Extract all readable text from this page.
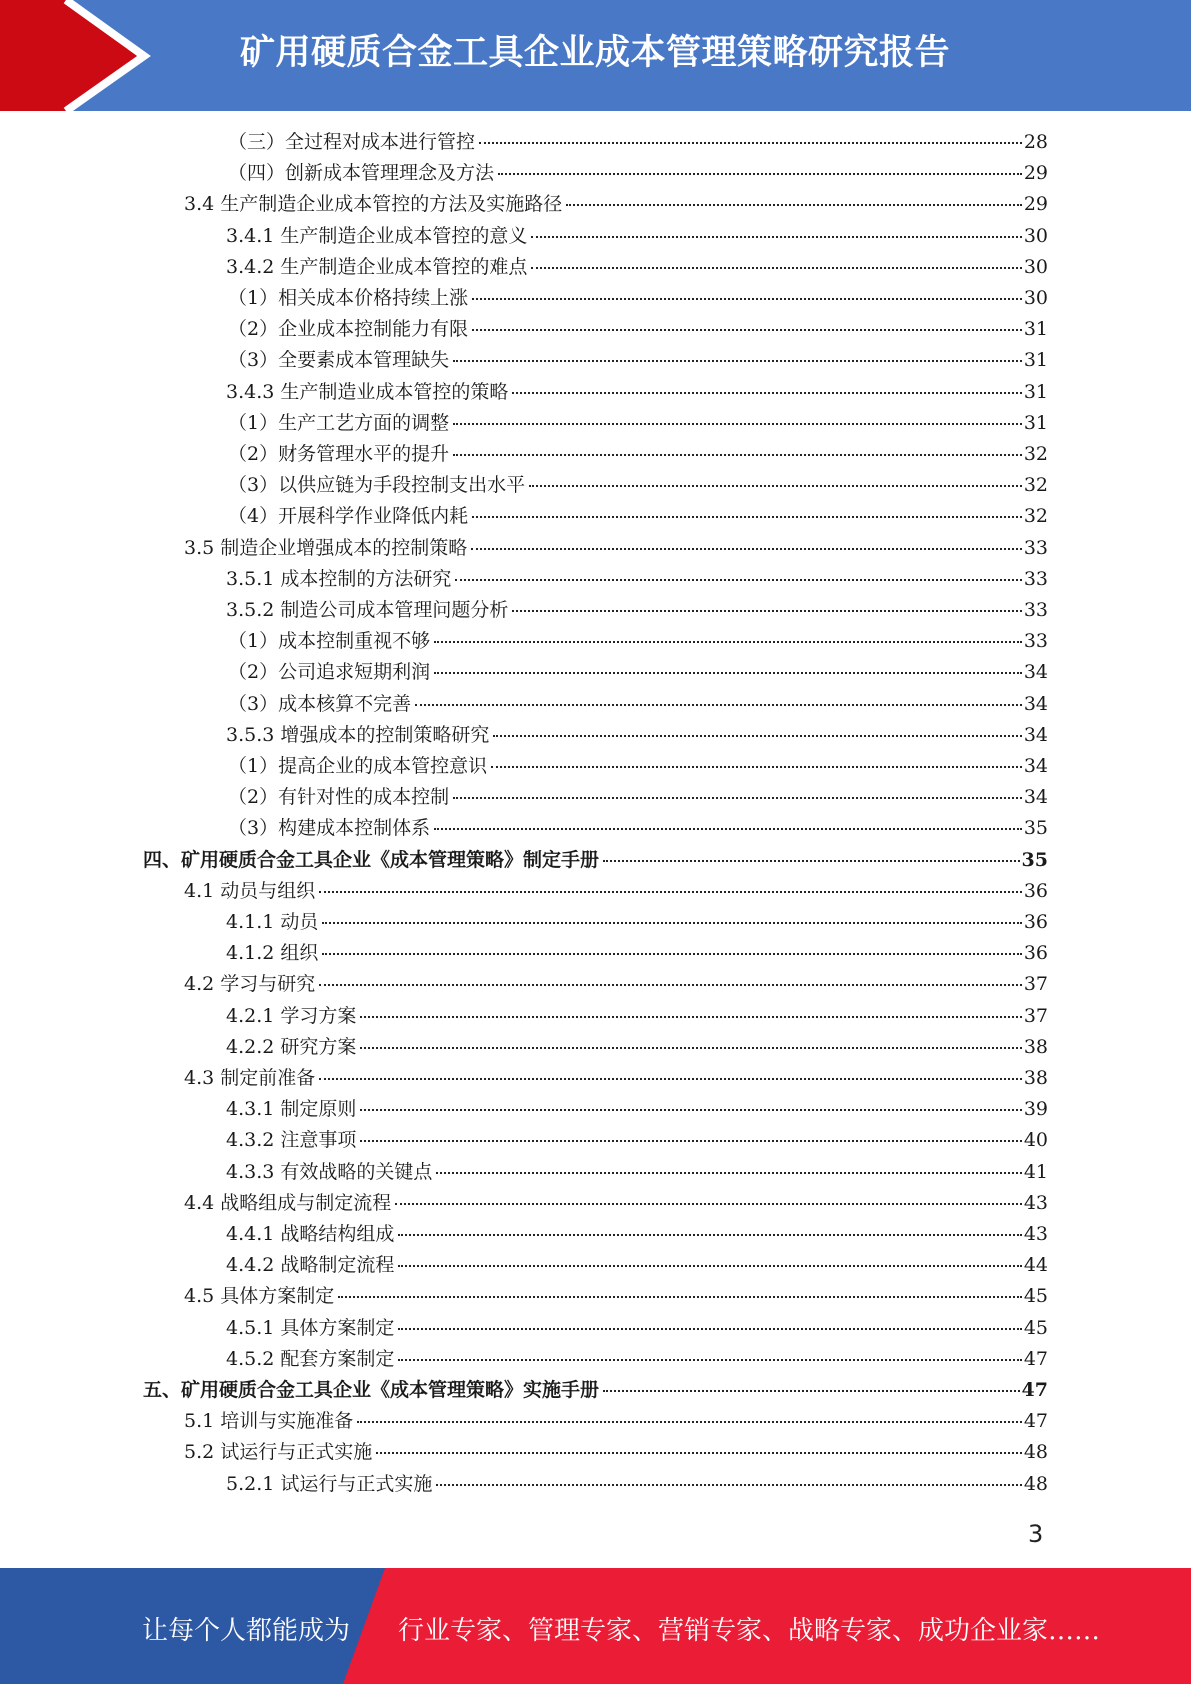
矿用硬质合金工具企业成本管理策略研究报告
（三）全过程对成本进行管控	28
（四）创新成本管理理念及方法	29
3.4 生产制造企业成本管控的方法及实施路径	29
3.4.1 生产制造企业成本管控的意义	30
3.4.2 生产制造企业成本管控的难点	30
（1）相关成本价格持续上涨	30
（2）企业成本控制能力有限	31
（3）全要素成本管理缺失	31
3.4.3 生产制造业成本管控的策略	31
（1）生产工艺方面的调整	31
（2）财务管理水平的提升	32
（3）以供应链为手段控制支出水平	32
（4）开展科学作业降低内耗	32
3.5 制造企业增强成本的控制策略	33
3.5.1 成本控制的方法研究	33
3.5.2 制造公司成本管理问题分析	33
（1）成本控制重视不够	33
（2）公司追求短期利润	34
（3）成本核算不完善	34
3.5.3 增强成本的控制策略研究	34
（1）提高企业的成本管控意识	34
（2）有针对性的成本控制	34
（3）构建成本控制体系	35
四、矿用硬质合金工具企业《成本管理策略》制定手册	35
4.1 动员与组织	36
4.1.1 动员	36
4.1.2 组织	36
4.2 学习与研究	37
4.2.1 学习方案	37
4.2.2 研究方案	38
4.3 制定前准备	38
4.3.1 制定原则	39
4.3.2 注意事项	40
4.3.3 有效战略的关键点	41
4.4 战略组成与制定流程	43
4.4.1 战略结构组成	43
4.4.2 战略制定流程	44
4.5 具体方案制定	45
4.5.1 具体方案制定	45
4.5.2 配套方案制定	47
五、矿用硬质合金工具企业《成本管理策略》实施手册	47
5.1 培训与实施准备	47
5.2 试运行与正式实施	48
5.2.1 试运行与正式实施	48
3
让每个人都能成为 行业专家、管理专家、营销专家、战略专家、成功企业家……
